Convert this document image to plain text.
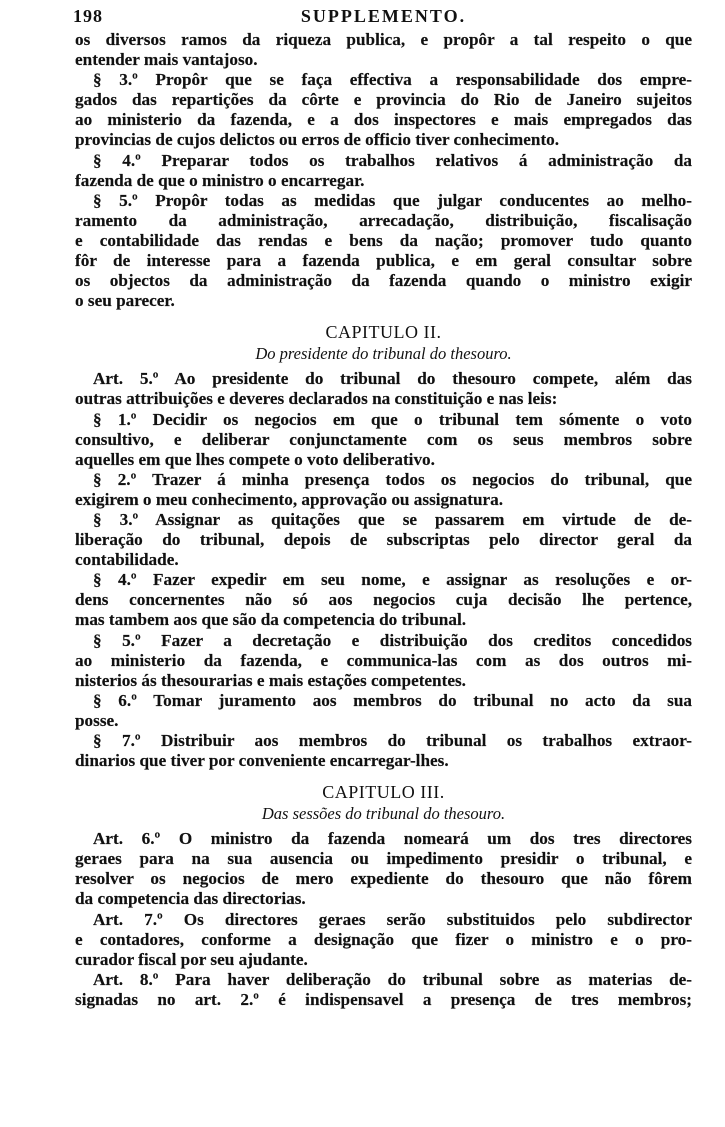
198	SUPPLEMENTO.
os diversos ramos da riqueza publica, e propôr a tal respeito o que
entender mais vantajoso.
§ 3.º Propôr que se faça effectiva a responsabilidade dos empre-
gados das repartições da côrte e provincia do Rio de Janeiro sujeitos
ao ministerio da fazenda, e a dos inspectores e mais empregados das
provincias de cujos delictos ou erros de officio tiver conhecimento.
§ 4.º Preparar todos os trabalhos relativos á administração da
fazenda de que o ministro o encarregar.
§ 5.º Propôr todas as medidas que julgar conducentes ao melho-
ramento da administração, arrecadação, distribuição, fiscalisação
e contabilidade das rendas e bens da nação; promover tudo quanto
fôr de interesse para a fazenda publica, e em geral consultar sobre
os objectos da administração da fazenda quando o ministro exigir
o seu parecer.
CAPITULO II.
Do presidente do tribunal do thesouro.
Art. 5.º Ao presidente do tribunal do thesouro compete, além das
outras attribuições e deveres declarados na constituição e nas leis:
§ 1.º Decidir os negocios em que o tribunal tem sómente o voto
consultivo, e deliberar conjunctamente com os seus membros sobre
aquelles em que lhes compete o voto deliberativo.
§ 2.º Trazer á minha presença todos os negocios do tribunal, que
exigirem o meu conhecimento, approvação ou assignatura.
§ 3.º Assignar as quitações que se passarem em virtude de de-
liberação do tribunal, depois de subscriptas pelo director geral da
contabilidade.
§ 4.º Fazer expedir em seu nome, e assignar as resoluções e or-
dens concernentes não só aos negocios cuja decisão lhe pertence,
mas tambem aos que são da competencia do tribunal.
§ 5.º Fazer a decretação e distribuição dos creditos concedidos
ao ministerio da fazenda, e communica-las com as dos outros mi-
nisterios ás thesourarias e mais estações competentes.
§ 6.º Tomar juramento aos membros do tribunal no acto da sua
posse.
§ 7.º Distribuir aos membros do tribunal os trabalhos extraor-
dinarios que tiver por conveniente encarregar-lhes.
CAPITULO III.
Das sessões do tribunal do thesouro.
Art. 6.º O ministro da fazenda nomeará um dos tres directores
geraes para na sua ausencia ou impedimento presidir o tribunal, e
resolver os negocios de mero expediente do thesouro que não fôrem
da competencia das directorias.
Art. 7.º Os directores geraes serão substituidos pelo subdirector
e contadores, conforme a designação que fizer o ministro e o pro-
curador fiscal por seu ajudante.
Art. 8.º Para haver deliberação do tribunal sobre as materias de-
signadas no art. 2.º é indispensavel a presença de tres membros;
